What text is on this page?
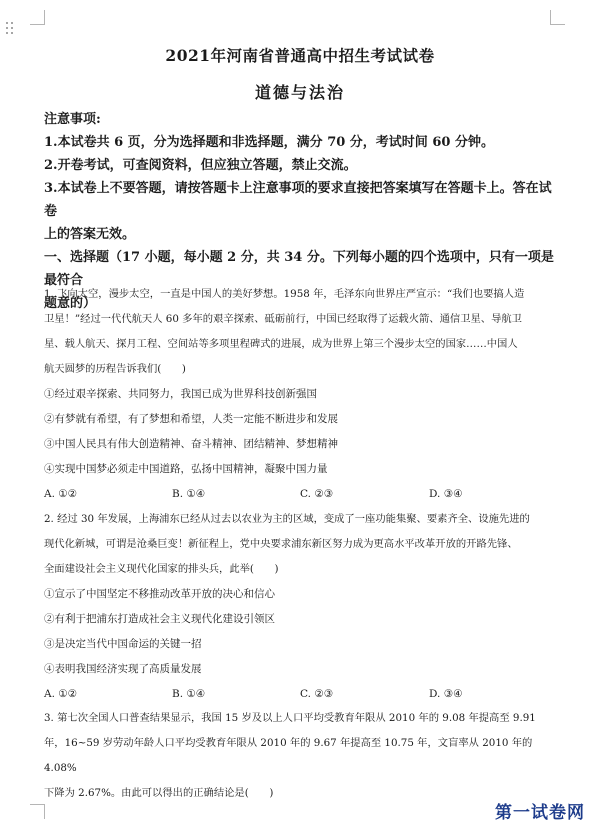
2021年河南省普通高中招生考试试卷
道德与法治

注意事项:

1.本试卷共 6 页，分为选择题和非选择题，满分 70 分，考试时间 60 分钟。

2.开卷考试，可查阅资料，但应独立答题，禁止交流。

3.本试卷上不要答题，请按答题卡上注意事项的要求直接把答案填写在答题卡上。答在试卷

上的答案无效。

一、选择题（17 小题，每小题 2 分，共 34 分。下列每小题的四个选项中，只有一项是最符合

题意的）

1. 飞向太空，漫步太空，一直是中国人的美好梦想。1958 年，毛泽东向世界庄严宣示：“我们也要搞人造

卫星！”经过一代代航天人 60 多年的艰辛探索、砥砺前行，中国已经取得了运载火箭、通信卫星、导航卫

星、载人航天、探月工程、空间站等多项里程碑式的进展，成为世界上第三个漫步太空的国家……中国人

航天圆梦的历程告诉我们(　　)

①经过艰辛探索、共同努力，我国已成为世界科技创新强国

②有梦就有希望，有了梦想和希望，人类一定能不断进步和发展

③中国人民具有伟大创造精神、奋斗精神、团结精神、梦想精神

④实现中国梦必须走中国道路，弘扬中国精神，凝聚中国力量

A. ①②	B. ①④	C. ②③	D. ③④

2. 经过 30 年发展，上海浦东已经从过去以农业为主的区域，变成了一座功能集聚、要素齐全、设施先进的

现代化新城，可谓是沧桑巨变！新征程上，党中央要求浦东新区努力成为更高水平改革开放的开路先锋、

全面建设社会主义现代化国家的排头兵，此举(　　)

①宣示了中国坚定不移推动改革开放的决心和信心

②有利于把浦东打造成社会主义现代化建设引领区

③是决定当代中国命运的关键一招

④表明我国经济实现了高质量发展

A. ①②	B. ①④	C. ②③	D. ③④

3. 第七次全国人口普查结果显示，我国 15 岁及以上人口平均受教育年限从 2010 年的 9.08 年提高至 9.91

年，16~59 岁劳动年龄人口平均受教育年限从 2010 年的 9.67 年提高至 10.75 年，文盲率从 2010 年的 4.08%

下降为 2.67%。由此可以得出的正确结论是(　　)

第一试卷网
